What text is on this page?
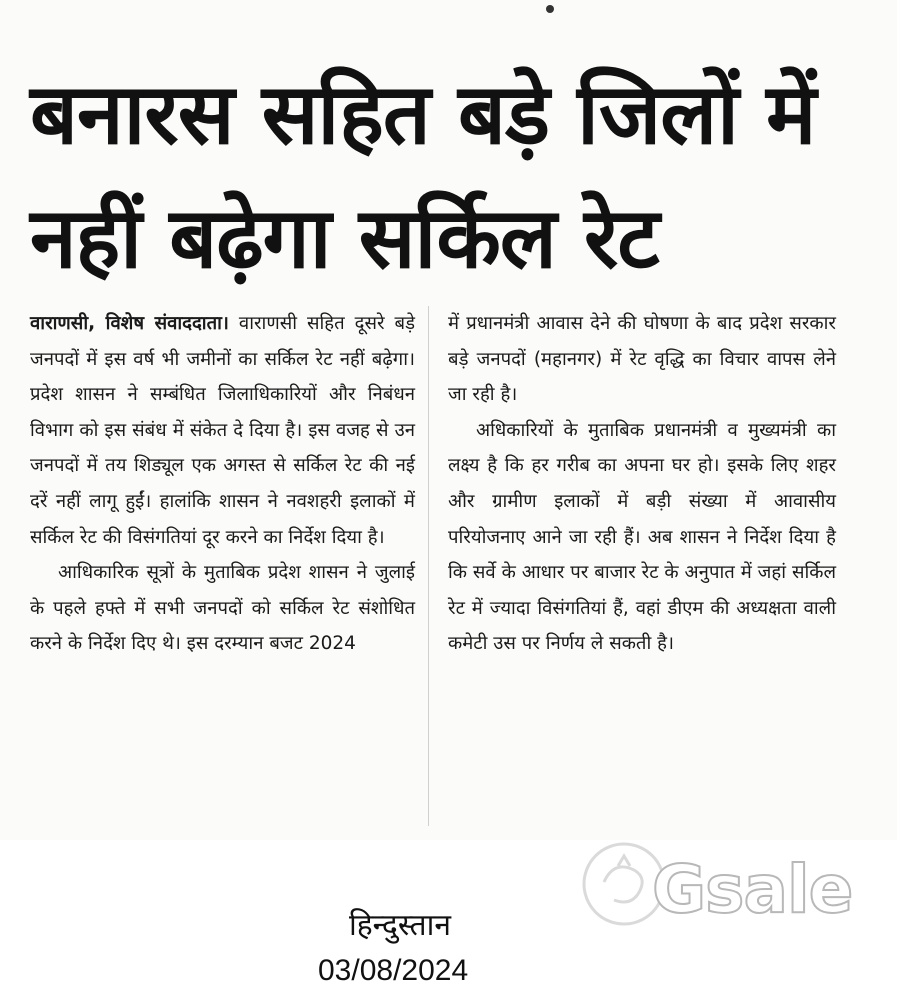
बनारस सहित बड़े जिलों में
नहीं बढ़ेगा सर्किल रेट

वाराणसी, विशेष संवाददाता। वाराणसी सहित दूसरे बड़े जनपदों में इस वर्ष भी जमीनों का सर्किल रेट नहीं बढ़ेगा। प्रदेश शासन ने सम्बंधित जिलाधिकारियों और निबंधन विभाग को इस संबंध में संकेत दे दिया है। इस वजह से उन जनपदों में तय शिड्यूल एक अगस्त से सर्किल रेट की नई दरें नहीं लागू हुईं। हालांकि शासन ने नवशहरी इलाकों में सर्किल रेट की विसंगतियां दूर करने का निर्देश दिया है।

आधिकारिक सूत्रों के मुताबिक प्रदेश शासन ने जुलाई के पहले हफ्ते में सभी जनपदों को सर्किल रेट संशोधित करने के निर्देश दिए थे। इस दरम्यान बजट 2024

में प्रधानमंत्री आवास देने की घोषणा के बाद प्रदेश सरकार बड़े जनपदों (महानगर) में रेट वृद्धि का विचार वापस लेने जा रही है।

अधिकारियों के मुताबिक प्रधानमंत्री व मुख्यमंत्री का लक्ष्य है कि हर गरीब का अपना घर हो। इसके लिए शहर और ग्रामीण इलाकों में बड़ी संख्या में आवासीय परियोजनाए आने जा रही हैं। अब शासन ने निर्देश दिया है कि सर्वे के आधार पर बाजार रेट के अनुपात में जहां सर्किल रेट में ज्यादा विसंगतियां हैं, वहां डीएम की अध्यक्षता वाली कमेटी उस पर निर्णय ले सकती है।

Gsale
हिन्दुस्तान
03/08/2024
